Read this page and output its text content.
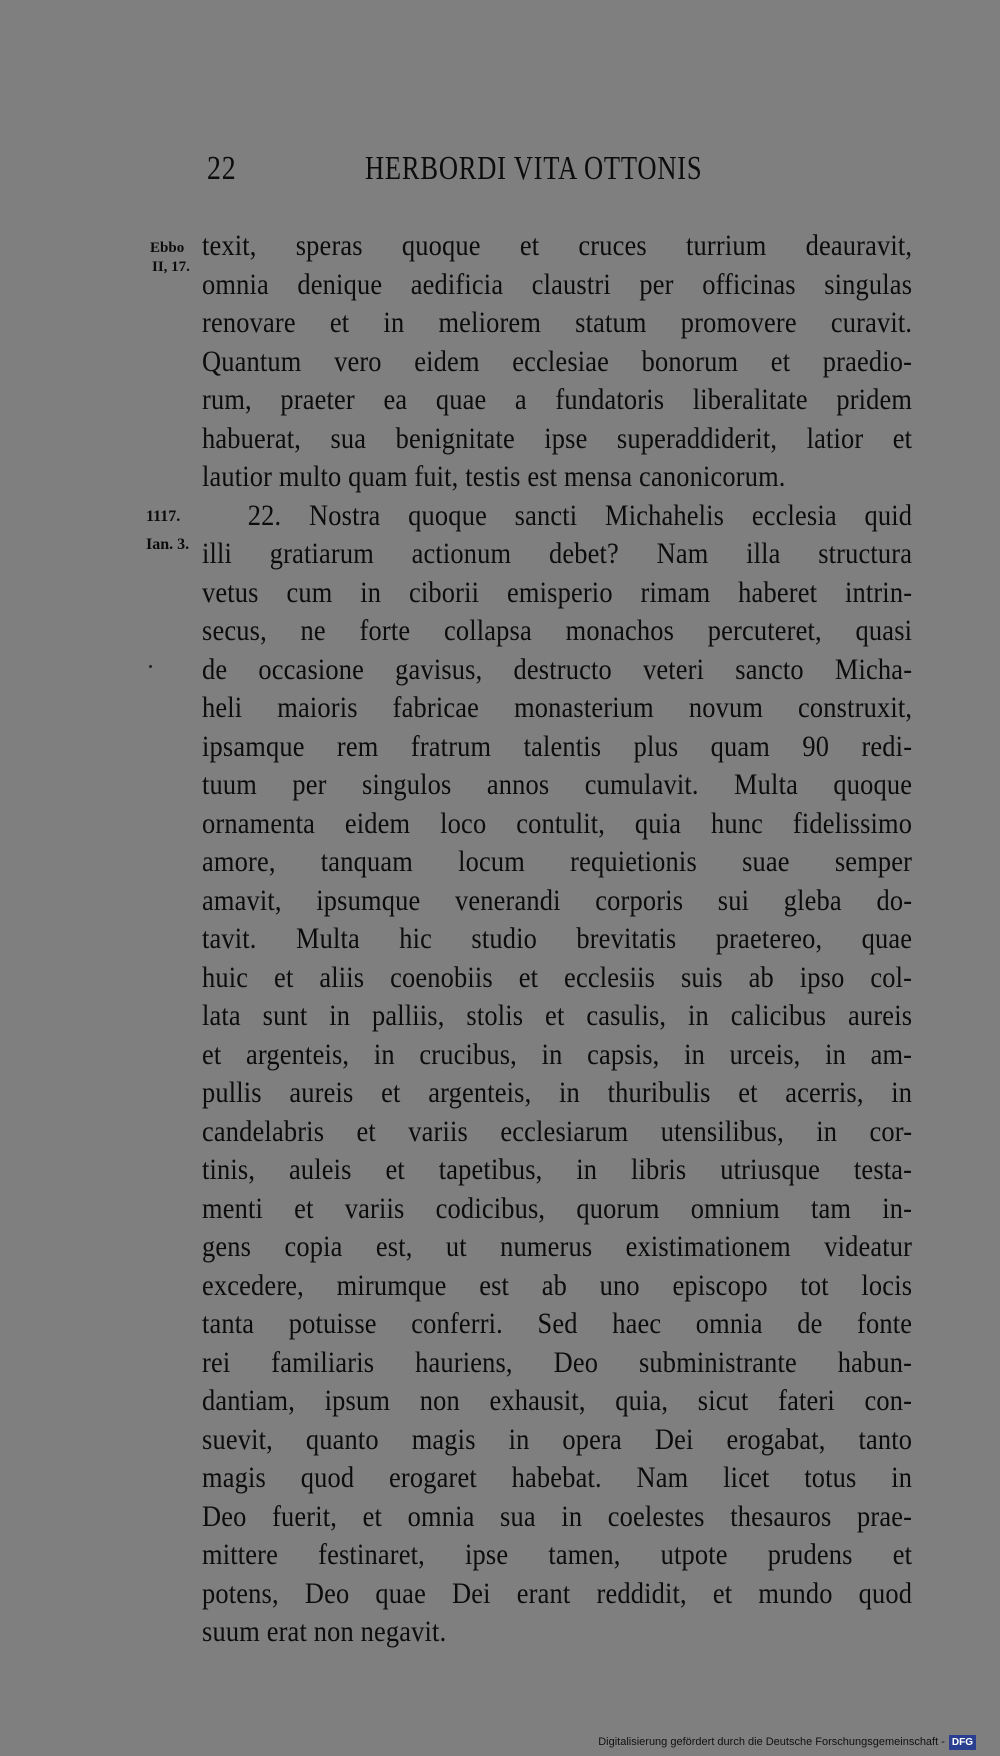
22	HERBORDI VITA OTTONIS
Ebbo
II, 17.
1117.
Ian. 3.
texit, speras quoque et cruces turrium deauravit,
omnia denique aedificia claustri per officinas singulas
renovare et in meliorem statum promovere curavit.
Quantum vero eidem ecclesiae bonorum et praedio-
rum, praeter ea quae a fundatoris liberalitate pridem
habuerat, sua benignitate ipse superaddiderit, latior et
lautior multo quam fuit, testis est mensa canonicorum.
22. Nostra quoque sancti Michahelis ecclesia quid
illi gratiarum actionum debet? Nam illa structura
vetus cum in ciborii emisperio rimam haberet intrin-
secus, ne forte collapsa monachos percuteret, quasi
de occasione gavisus, destructo veteri sancto Micha-
heli maioris fabricae monasterium novum construxit,
ipsamque rem fratrum talentis plus quam 90 redi-
tuum per singulos annos cumulavit. Multa quoque
ornamenta eidem loco contulit, quia hunc fidelissimo
amore, tanquam locum requietionis suae semper
amavit, ipsumque venerandi corporis sui gleba do-
tavit. Multa hic studio brevitatis praetereo, quae
huic et aliis coenobiis et ecclesiis suis ab ipso col-
lata sunt in palliis, stolis et casulis, in calicibus aureis
et argenteis, in crucibus, in capsis, in urceis, in am-
pullis aureis et argenteis, in thuribulis et acerris, in
candelabris et variis ecclesiarum utensilibus, in cor-
tinis, auleis et tapetibus, in libris utriusque testa-
menti et variis codicibus, quorum omnium tam in-
gens copia est, ut numerus existimationem videatur
excedere, mirumque est ab uno episcopo tot locis
tanta potuisse conferri. Sed haec omnia de fonte
rei familiaris hauriens, Deo subministrante habun-
dantiam, ipsum non exhausit, quia, sicut fateri con-
suevit, quanto magis in opera Dei erogabat, tanto
magis quod erogaret habebat. Nam licet totus in
Deo fuerit, et omnia sua in coelestes thesauros prae-
mittere festinaret, ipse tamen, utpote prudens et
potens, Deo quae Dei erant reddidit, et mundo quod
suum erat non negavit.
Digitalisierung gefördert durch die Deutsche Forschungsgemeinschaft - DFG
